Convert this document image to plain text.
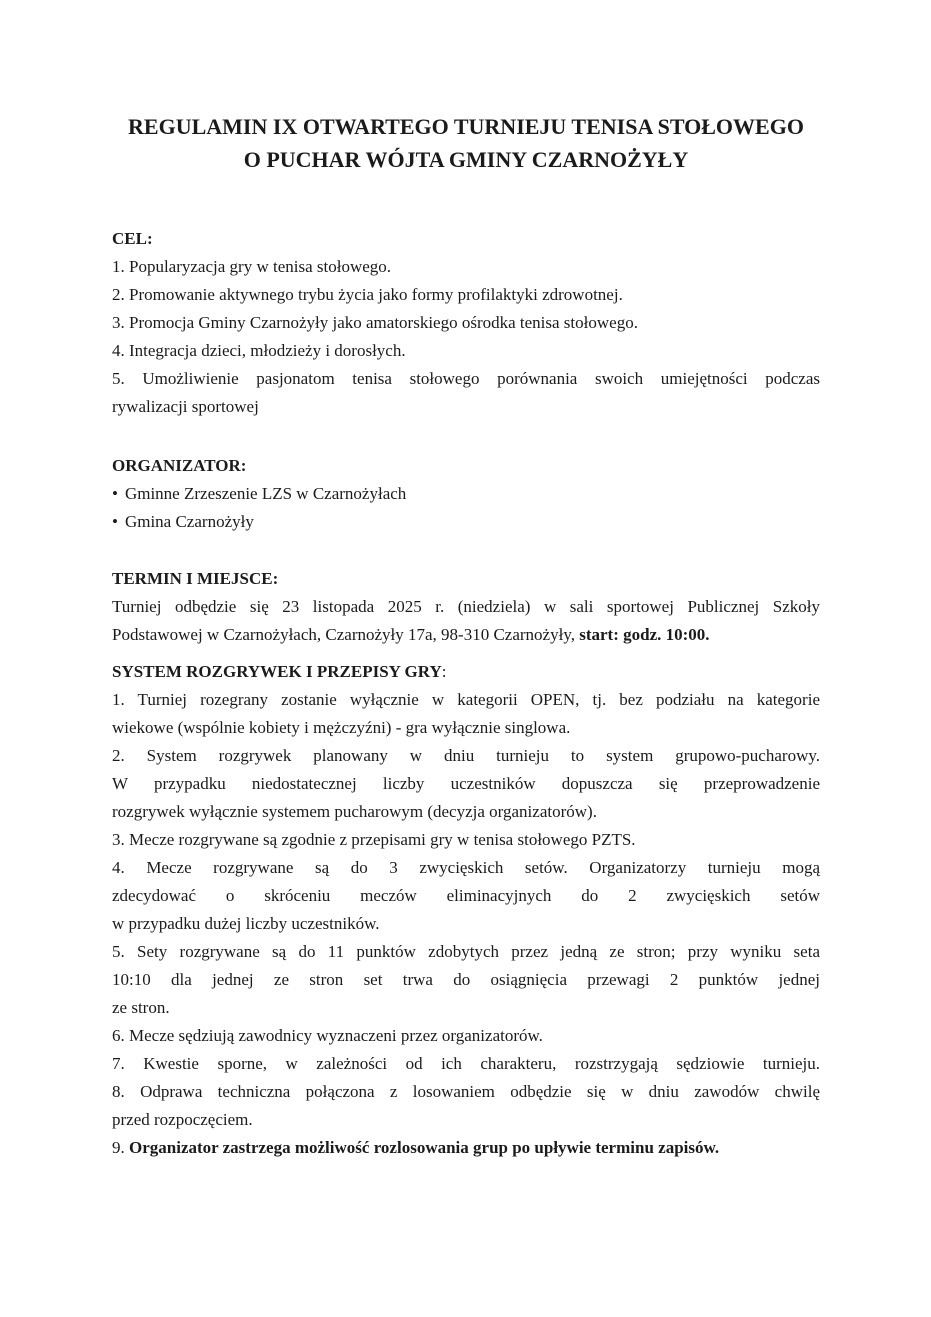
REGULAMIN IX OTWARTEGO TURNIEJU TENISA STOŁOWEGO
O PUCHAR WÓJTA GMINY CZARNOŻYŁY
CEL:
1. Popularyzacja gry w tenisa stołowego.
2. Promowanie aktywnego trybu życia jako formy profilaktyki zdrowotnej.
3. Promocja Gminy Czarnożyły jako amatorskiego ośrodka tenisa stołowego.
4. Integracja dzieci, młodzieży i dorosłych.
5. Umożliwienie pasjonatom tenisa stołowego porównania swoich umiejętności podczas
rywalizacji sportowej
ORGANIZATOR:
• Gminne Zrzeszenie LZS w Czarnożyłach
• Gmina Czarnożyły
TERMIN I MIEJSCE:
Turniej odbędzie się 23 listopada 2025 r. (niedziela) w sali sportowej Publicznej Szkoły
Podstawowej w Czarnożyłach, Czarnożyły 17a, 98-310 Czarnożyły, start: godz. 10:00.
SYSTEM ROZGRYWEK I PRZEPISY GRY:
1. Turniej rozegrany zostanie wyłącznie w kategorii OPEN, tj. bez podziału na kategorie
wiekowe (wspólnie kobiety i mężczyźni) - gra wyłącznie singlowa.
2. System rozgrywek planowany w dniu turnieju to system grupowo-pucharowy.
W przypadku niedostatecznej liczby uczestników dopuszcza się przeprowadzenie
rozgrywek wyłącznie systemem pucharowym (decyzja organizatorów).
3. Mecze rozgrywane są zgodnie z przepisami gry w tenisa stołowego PZTS.
4. Mecze rozgrywane są do 3 zwycięskich setów. Organizatorzy turnieju mogą
zdecydować o skróceniu meczów eliminacyjnych do 2 zwycięskich setów
w przypadku dużej liczby uczestników.
5. Sety rozgrywane są do 11 punktów zdobytych przez jedną ze stron; przy wyniku seta
10:10 dla jednej ze stron set trwa do osiągnięcia przewagi 2 punktów jednej
ze stron.
6. Mecze sędziują zawodnicy wyznaczeni przez organizatorów.
7. Kwestie sporne, w zależności od ich charakteru, rozstrzygają sędziowie turnieju.
8. Odprawa techniczna połączona z losowaniem odbędzie się w dniu zawodów chwilę
przed rozpoczęciem.
9. Organizator zastrzega możliwość rozlosowania grup po upływie terminu zapisów.
